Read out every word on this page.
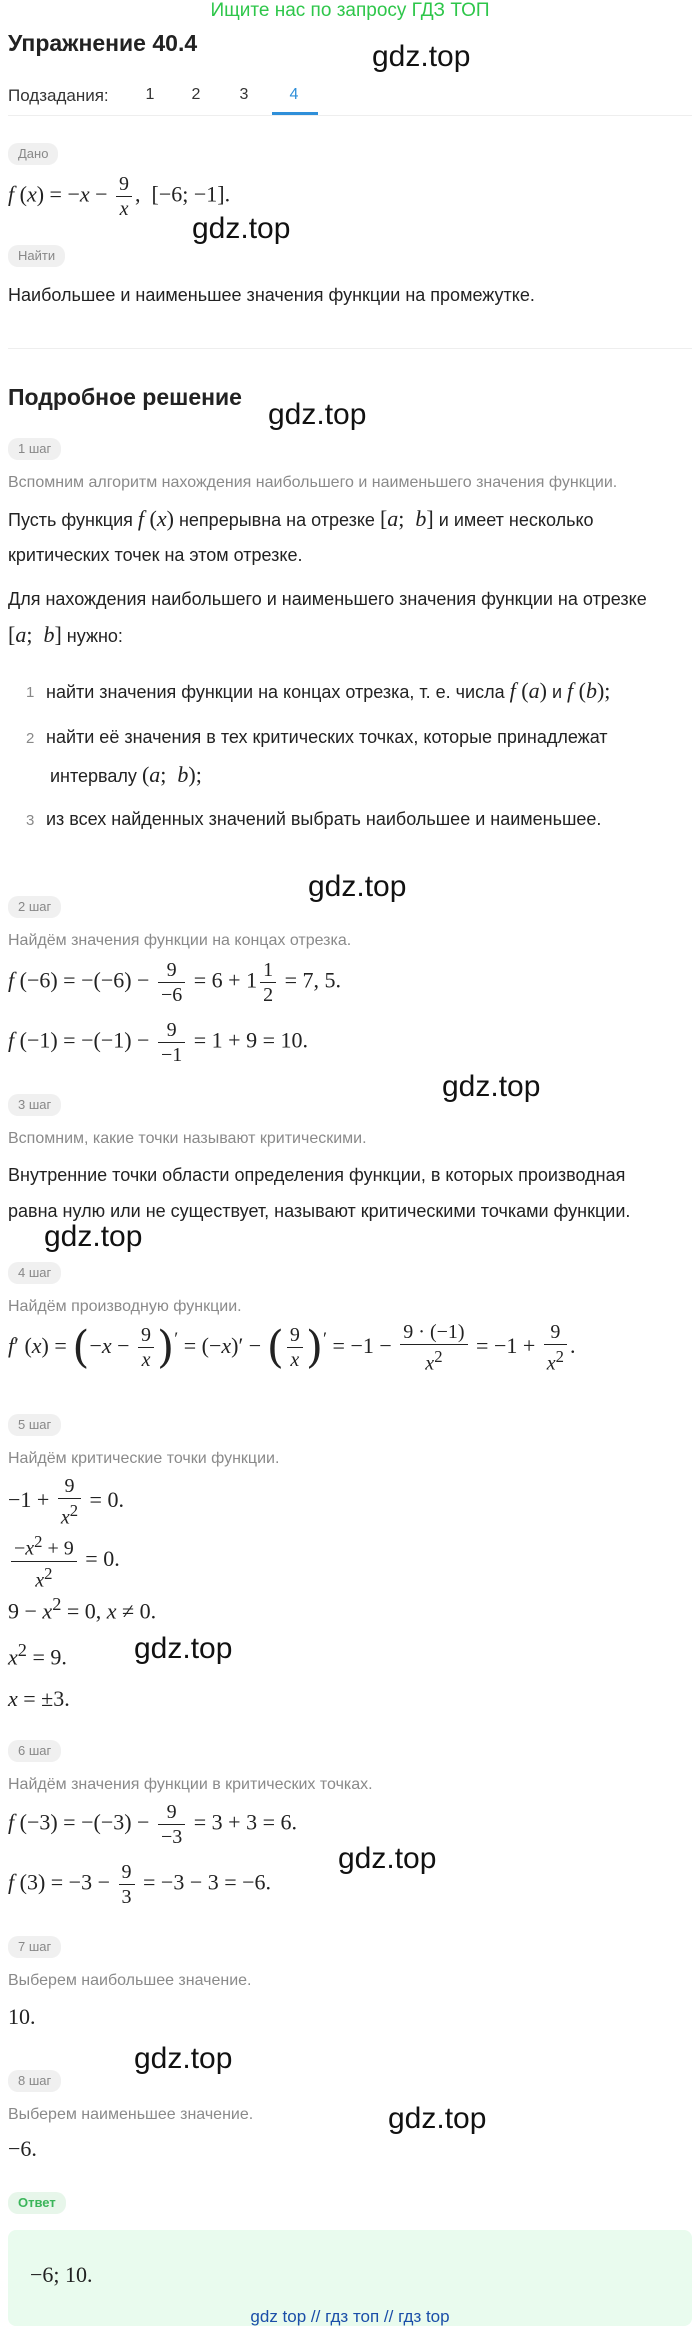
Ищите нас по запросу ГДЗ ТОП
Упражнение 40.4	gdz.top
gdz.top
gdz.top
gdz.top
gdz.top
gdz.top
gdz.top
gdz.top
gdz.top
gdz.top
Подзадания:	1	2	3	4
Дано
f $(x) = -x - \frac{9}{x}$ ,  [−6; −1].
Найти
Наибольшее и наименьшее значения функции на промежутке.
Подробное решение
1 шаг
Вспомним алгоритм нахождения наибольшего и наименьшего значения функции.
Пусть функция f (x) непрерывна на отрезке [a;  b] и имеет несколько
критических точек на этом отрезке.
Для нахождения наибольшего и наименьшего значения функции на отрезке
[a;  b] нужно:
1 найти значения функции на концах отрезка, т. е. числа f (a) и f (b);
2 найти её значения в тех критических точках, которые принадлежат
интервалу (a;  b);
3 из всех найденных значений выбрать наибольшее и наименьшее.
2 шаг
Найдём значения функции на концах отрезка.
f $(-6) = -(-6) - \frac{9}{-6} = 6 + 1 \frac{1}{2} = 7$, 5.
f $(-1) = -(-1) - \frac{9}{-1} = 1 + 9 = 10$.
3 шаг
Вспомним, какие точки называют критическими.
Внутренние точки области определения функции, в которых производная
равна нулю или не существует, называют критическими точками функции.
4 шаг
Найдём производную функции.
f′ $(x) = (-x - \frac{9}{x} )' = (-x)'$ − ( $\frac{9}{x} )' = -1 - \frac{9 \cdot (-1)}{x^2} = -1 + \frac{9}{x^2}$ .
5 шаг
Найдём критические точки функции.
$-1 + \frac{9}{x^2} = 0$.
$\frac{-x^2 + 9}{x^2} = 0$.
$9 - x^2 = 0$, x ≠ 0.
$x^2 = 9$.
x = ±3.
6 шаг
Найдём значения функции в критических точках.
f $(-3) = -(-3) - \frac{9}{-3} = 3 + 3 = 6$.
f $(3) = -3 - \frac{9}{3} = -3 - 3 = -6$.
7 шаг
Выберем наибольшее значение.
10.
8 шаг
Выберем наименьшее значение.
−6.
Ответ
−6; 10.
gdz top // гдз топ // гдз top
